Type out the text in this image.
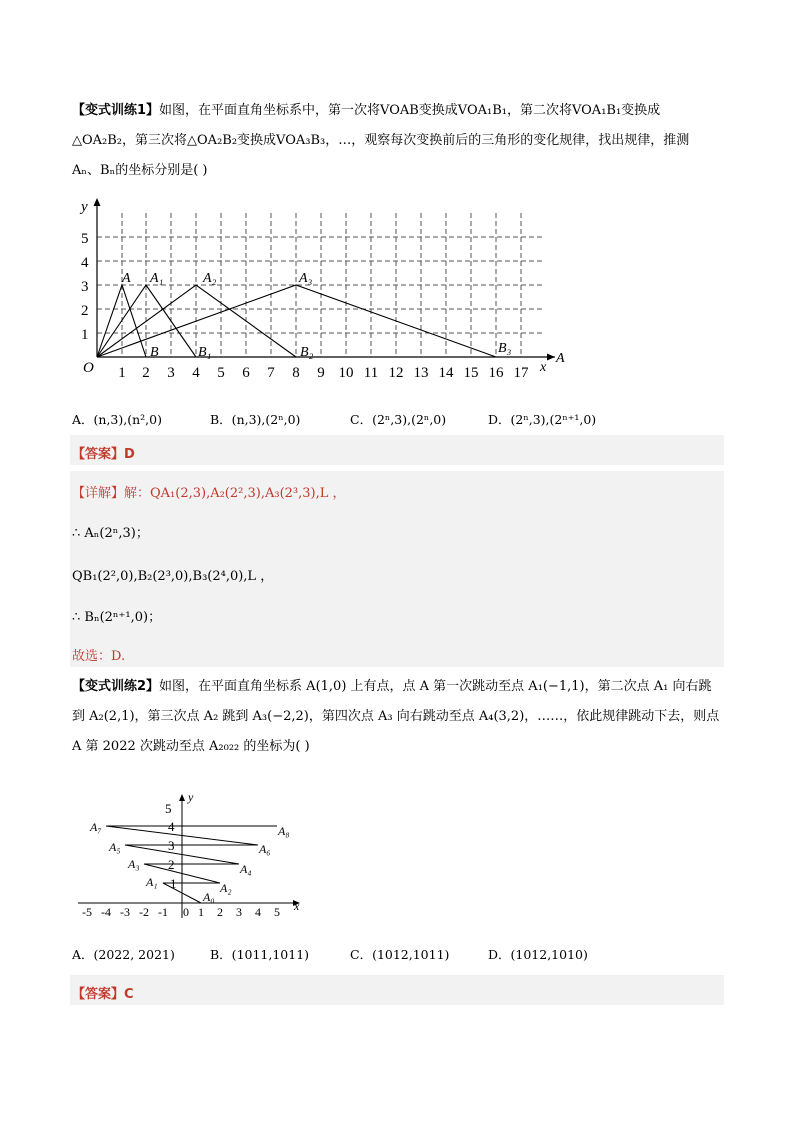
【变式训练1】如图，在平面直角坐标系中，第一次将VOAB变换成VOA₁B₁，第二次将VOA₁B₁变换成
△OA₂B₂，第三次将△OA₂B₂变换成VOA₃B₃，…，观察每次变换前后的三角形的变化规律，找出规律，推测
Aₙ、Bₙ的坐标分别是( )
y
x
A
O
5
4
3
2
1
1 2 3 4 5 6 7 8 9 10 11 12 13 14 15 16 17
A A₁	A₂	A₃
B	B₁	B₂	B₃
A．(n,3),(n²,0)	B．(n,3),(2ⁿ,0)	C．(2ⁿ,3),(2ⁿ,0)	D．(2ⁿ,3),(2ⁿ⁺¹,0)
【答案】D
【详解】解：QA₁(2,3),A₂(2²,3),A₃(2³,3),L ，
∴ Aₙ(2ⁿ,3)；
QB₁(2²,0),B₂(2³,0),B₃(2⁴,0),L ，
∴ Bₙ(2ⁿ⁺¹,0)；
故选：D.
【变式训练2】如图，在平面直角坐标系 A(1,0) 上有点，点 A 第一次跳动至点 A₁(−1,1)，第二次点 A₁ 向右跳
到 A₂(2,1)，第三次点 A₂ 跳到 A₃(−2,2)，第四次点 A₃ 向右跳动至点 A₄(3,2)，……，依此规律跳动下去，则点
A 第 2022 次跳动至点 A₂₀₂₂ 的坐标为( )
y
x
5
4
3
2
1
-5 -4 -3 -2 -1 0 1 2 3 4 5
A₀
A₁	A₂
A₃	A₄
A₅	A₆
A₇	A₈
A．(2022, 2021)	B．(1011,1011)	C．(1012,1011)	D．(1012,1010)
【答案】C
